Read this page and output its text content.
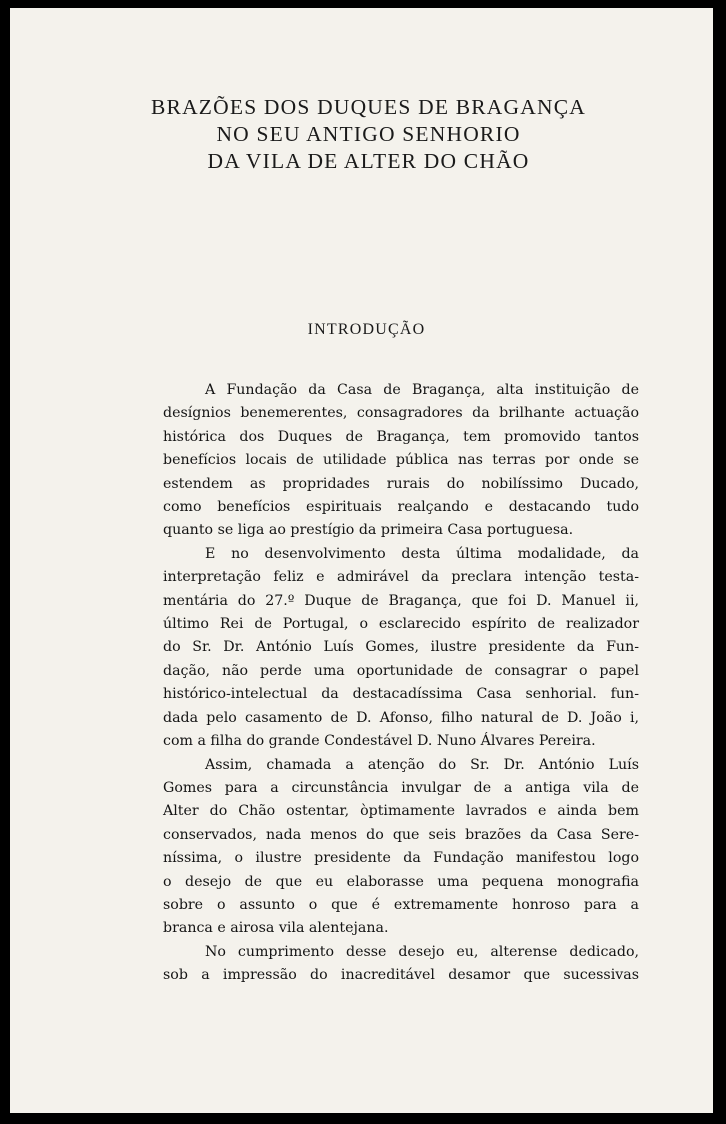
BRAZÕES DOS DUQUES DE BRAGANÇA
NO SEU ANTIGO SENHORIO
DA VILA DE ALTER DO CHÃO
INTRODUÇÃO
A Fundação da Casa de Bragança, alta instituição de
desígnios benemerentes, consagradores da brilhante actuação
histórica dos Duques de Bragança, tem promovido tantos
benefícios locais de utilidade pública nas terras por onde se
estendem as propridades rurais do nobilíssimo Ducado,
como benefícios espirituais realçando e destacando tudo
quanto se liga ao prestígio da primeira Casa portuguesa.
E no desenvolvimento desta última modalidade, da
interpretação feliz e admirável da preclara intenção testa-
mentária do 27.º Duque de Bragança, que foi D. Manuel ii,
último Rei de Portugal, o esclarecido espírito de realizador
do Sr. Dr. António Luís Gomes, ilustre presidente da Fun-
dação, não perde uma oportunidade de consagrar o papel
histórico-intelectual da destacadíssima Casa senhorial. fun-
dada pelo casamento de D. Afonso, filho natural de D. João i,
com a filha do grande Condestável D. Nuno Álvares Pereira.
Assim, chamada a atenção do Sr. Dr. António Luís
Gomes para a circunstância invulgar de a antiga vila de
Alter do Chão ostentar, òptimamente lavrados e ainda bem
conservados, nada menos do que seis brazões da Casa Sere-
níssima, o ilustre presidente da Fundação manifestou logo
o desejo de que eu elaborasse uma pequena monografia
sobre o assunto o que é extremamente honroso para a
branca e airosa vila alentejana.
No cumprimento desse desejo eu, alterense dedicado,
sob a impressão do inacreditável desamor que sucessivas
